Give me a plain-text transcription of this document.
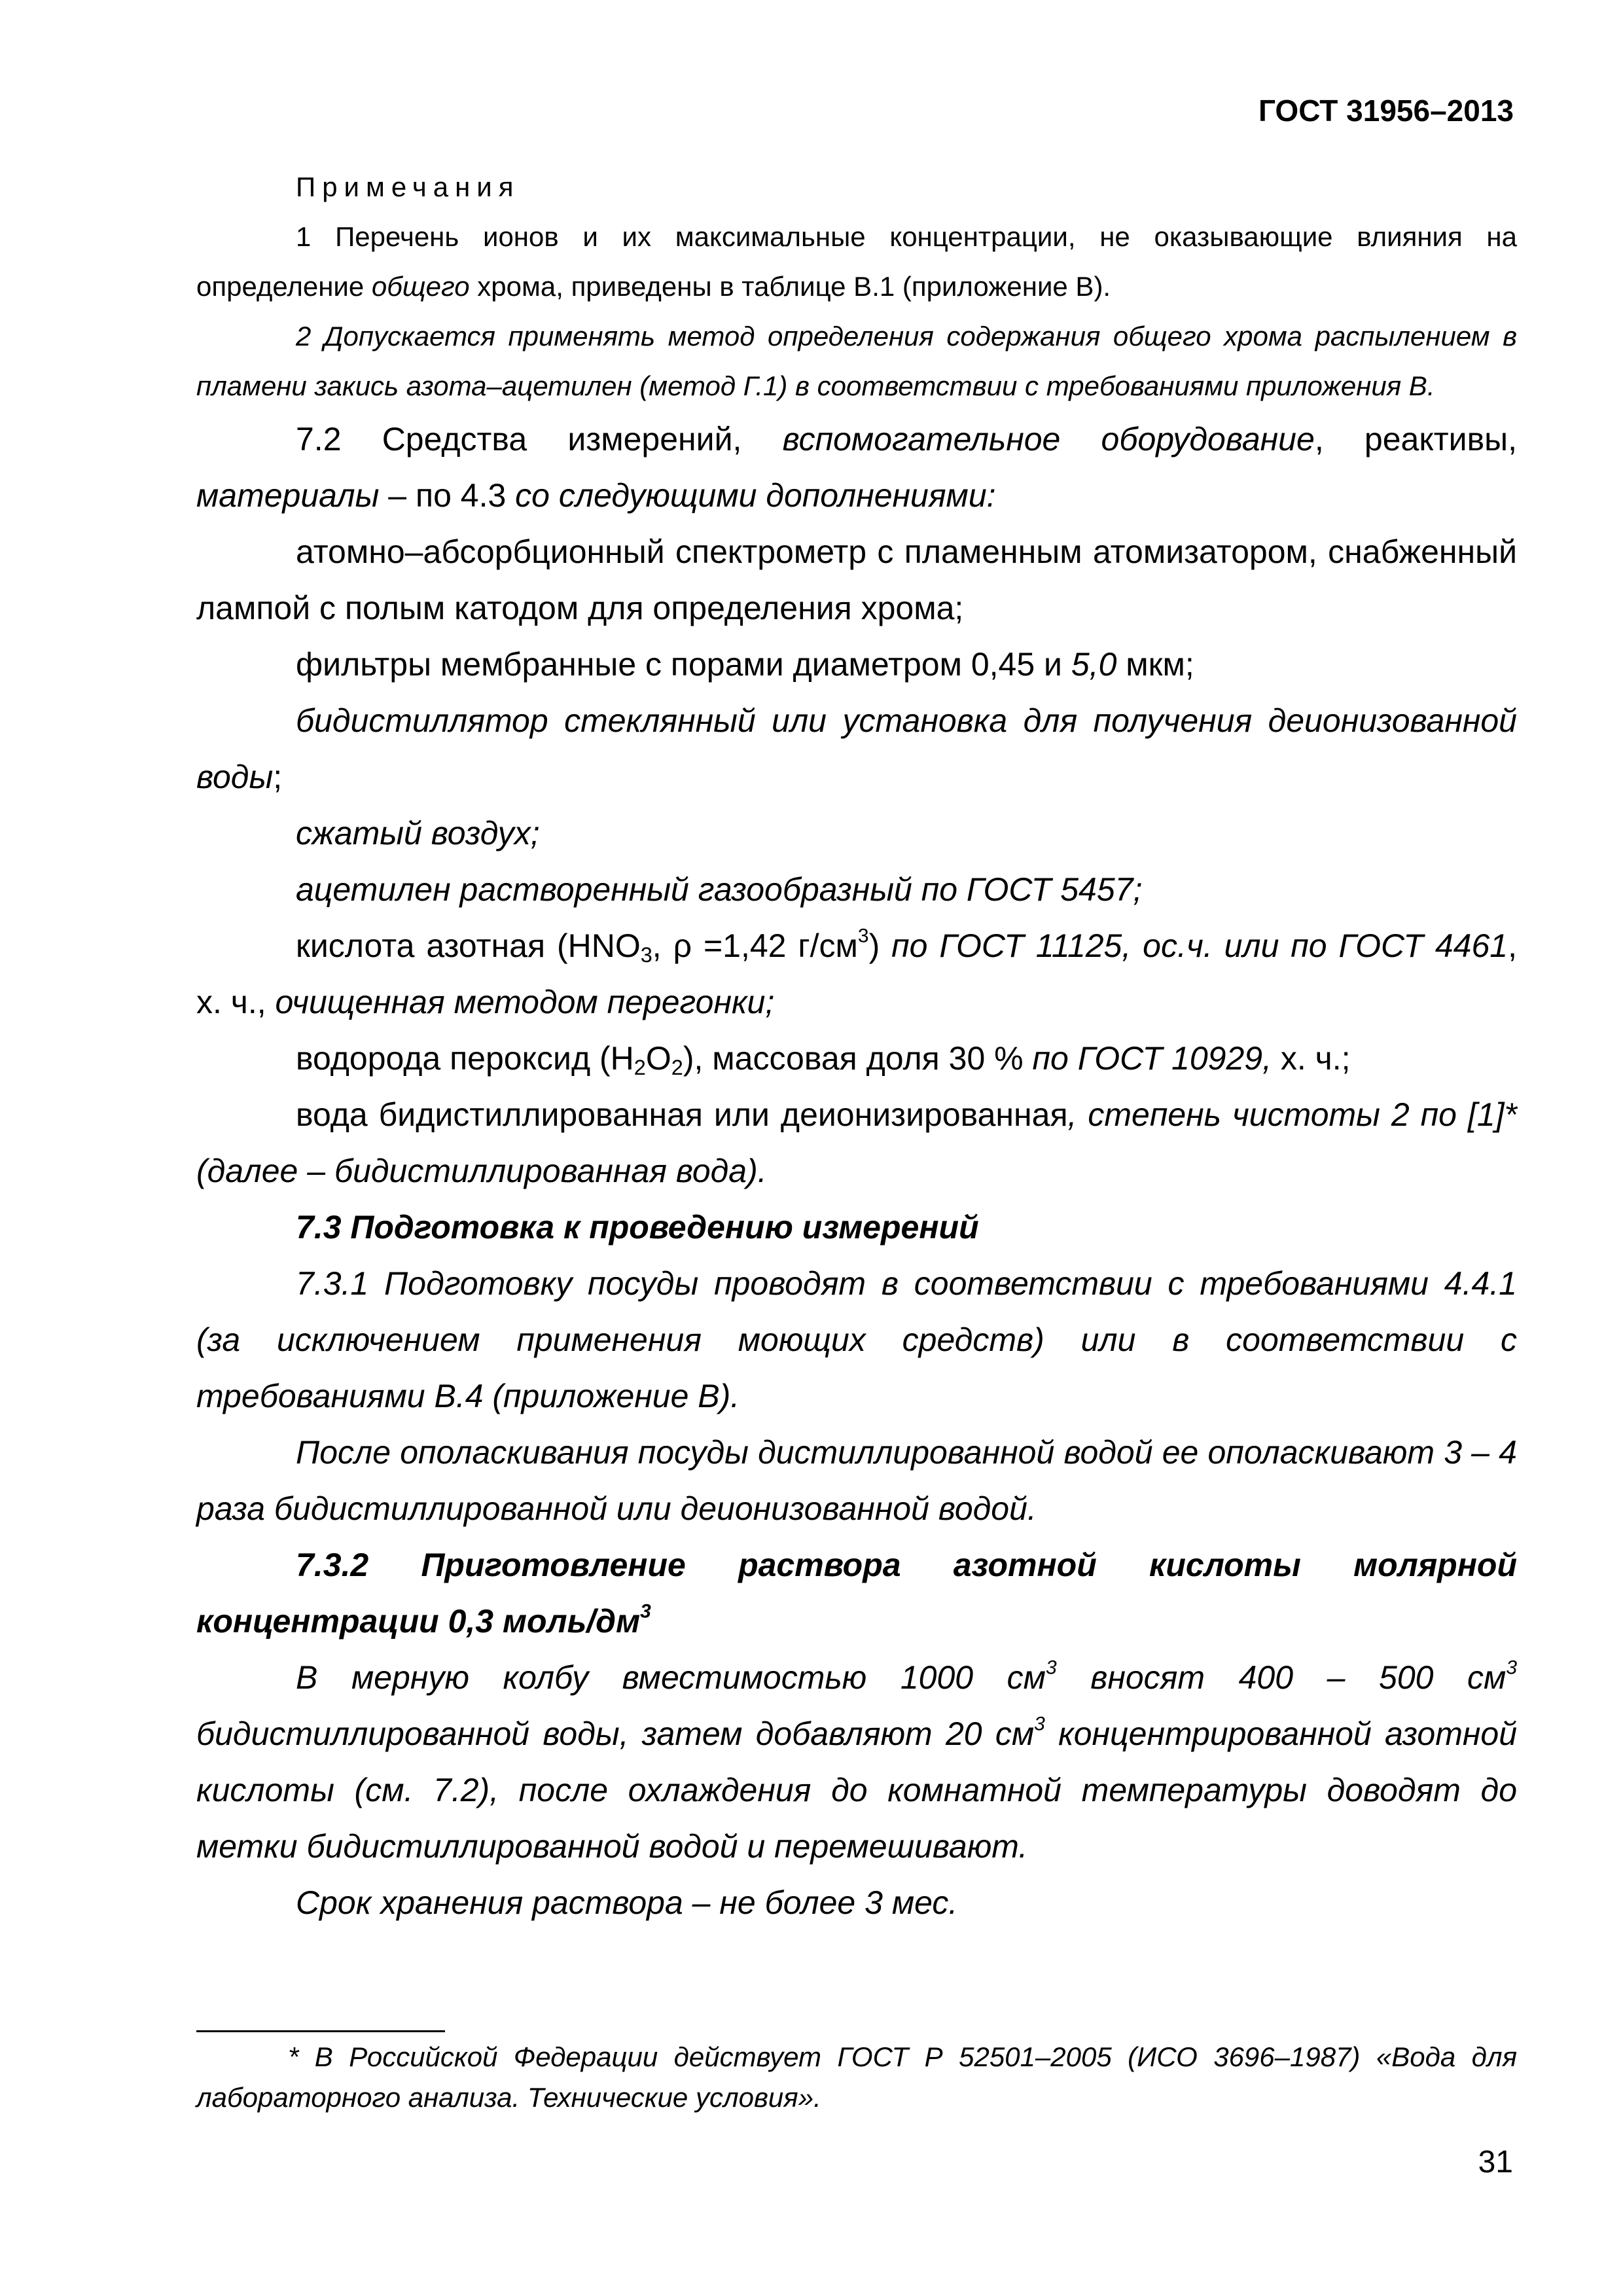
ГОСТ 31956–2013

Примечания

1 Перечень ионов и их максимальные концентрации, не оказывающие влияния на определение общего хрома, приведены в таблице В.1 (приложение В).

2 Допускается применять метод определения содержания общего хрома распылением в пламени закись азота–ацетилен (метод Г.1) в соответствии с требованиями приложения В.

7.2 Средства измерений, вспомогательное оборудование, реактивы, материалы – по 4.3 со следующими дополнениями:

атомно–абсорбционный спектрометр с пламенным атомизатором, снабженный лампой с полым катодом для определения хрома;

фильтры мембранные с порами диаметром 0,45 и 5,0 мкм;

бидистиллятор стеклянный или установка для получения деионизованной воды;

сжатый воздух;

ацетилен растворенный газообразный по ГОСТ 5457;

кислота азотная ($HNO_3$, ρ =1,42 $г/см^3$) по ГОСТ 11125, ос.ч. или по ГОСТ 4461, х. ч., очищенная методом перегонки;

водорода пероксид $(H_2O_2)$, массовая доля 30 % по ГОСТ 10929, х. ч.;

вода бидистиллированная или деионизированная, степень чистоты 2 по [1]* (далее – бидистиллированная вода).

7.3 Подготовка к проведению измерений

7.3.1 Подготовку посуды проводят в соответствии с требованиями 4.4.1 (за исключением применения моющих средств) или в соответствии с требованиями В.4 (приложение В).

После ополаскивания посуды дистиллированной водой ее ополаскивают 3 – 4 раза бидистиллированной или деионизованной водой.

7.3.2 Приготовление раствора азотной кислоты молярной концентрации 0,3 моль/$дм^3$

В мерную колбу вместимостью 1000 $см^3$ вносят 400 – 500 $см^3$ бидистиллированной воды, затем добавляют 20 $см^3$ концентрированной азотной кислоты (см. 7.2), после охлаждения до комнатной температуры доводят до метки бидистиллированной водой и перемешивают.

Срок хранения раствора – не более 3 мес.

* В Российской Федерации действует ГОСТ Р 52501–2005 (ИСО 3696–1987) «Вода для лабораторного анализа. Технические условия».

31
